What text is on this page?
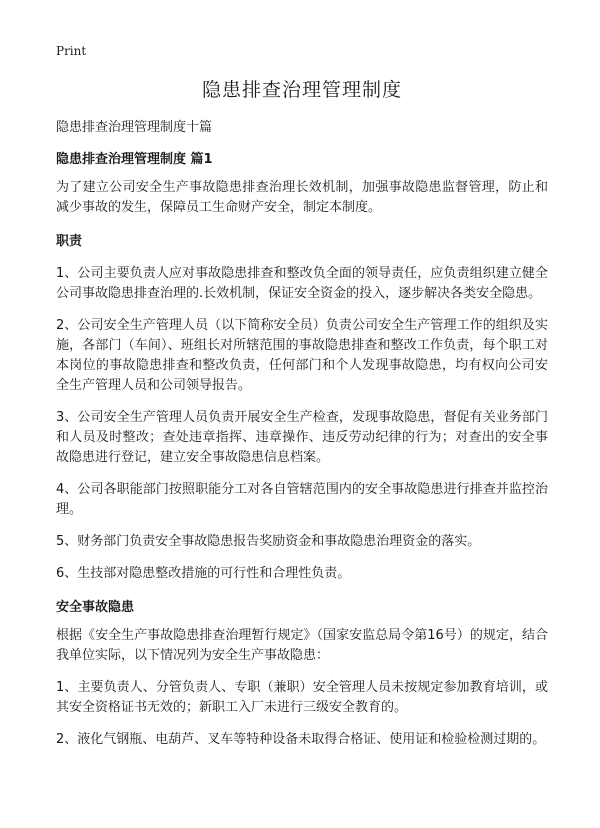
Print

隐患排查治理管理制度

隐患排查治理管理制度十篇

隐患排查治理管理制度 篇1

为了建立公司安全生产事故隐患排查治理长效机制，加强事故隐患监督管理，防止和减少事故的发生，保障员工生命财产安全，制定本制度。

职责

1、公司主要负责人应对事故隐患排查和整改负全面的领导责任，应负责组织建立健全公司事故隐患排查治理的.长效机制，保证安全资金的投入，逐步解决各类安全隐患。

2、公司安全生产管理人员（以下简称安全员）负责公司安全生产管理工作的组织及实施，各部门（车间）、班组长对所辖范围的事故隐患排查和整改工作负责，每个职工对本岗位的事故隐患排查和整改负责，任何部门和个人发现事故隐患，均有权向公司安全生产管理人员和公司领导报告。

3、公司安全生产管理人员负责开展安全生产检查，发现事故隐患，督促有关业务部门和人员及时整改；查处违章指挥、违章操作、违反劳动纪律的行为；对查出的安全事故隐患进行登记，建立安全事故隐患信息档案。

4、公司各职能部门按照职能分工对各自管辖范围内的安全事故隐患进行排查并监控治理。

5、财务部门负责安全事故隐患报告奖励资金和事故隐患治理资金的落实。

6、生技部对隐患整改措施的可行性和合理性负责。

安全事故隐患

根据《安全生产事故隐患排查治理暂行规定》（国家安监总局令第16号）的规定，结合我单位实际，以下情况列为安全生产事故隐患：

1、主要负责人、分管负责人、专职（兼职）安全管理人员未按规定参加教育培训，或其安全资格证书无效的；新职工入厂未进行三级安全教育的。

2、液化气钢瓶、电葫芦、叉车等特种设备未取得合格证、使用证和检验检测过期的。
